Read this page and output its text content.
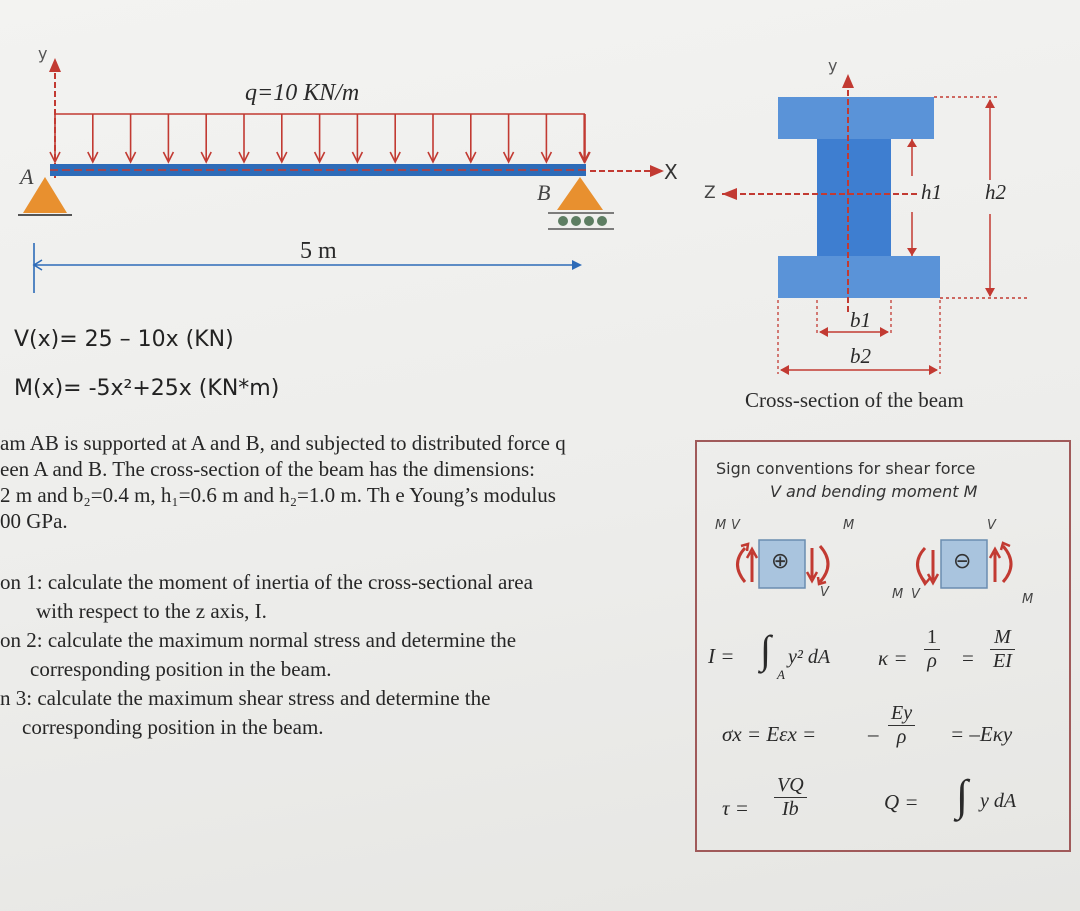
y
q=10 KN/m
A
B
X
5 m
y
Z	h1 h2
b1
b2
Cross-section of the beam
V(x)= 25 – 10x (KN)
M(x)= -5x²+25x (KN*m)
am AB is supported at A and B, and subjected to distributed force q
een A and B. The cross-section of the beam has the dimensions:
2 m and b₂=0.4 m, h₁=0.6 m and h₂=1.0 m. Th e Young’s modulus
00 GPa.
on 1: calculate the moment of inertia of the cross-sectional area
with respect to the z axis, I.
on 2: calculate the maximum normal stress and determine the
corresponding position in the beam.
n 3: calculate the maximum shear stress and determine the
corresponding position in the beam.
Sign conventions for shear force
V and bending moment M
⊕	⊖
M V	M
V	M V
V
M
I = ∫
A
y² dA $\kappa = \frac{1}{\rho} = \frac{M}{EI}$
σx = Eεx = – $\frac{Ey}{\rho} = -E\kappa y$
$\tau = \frac{VQ}{Ib}$	Q = ∫ y dA
